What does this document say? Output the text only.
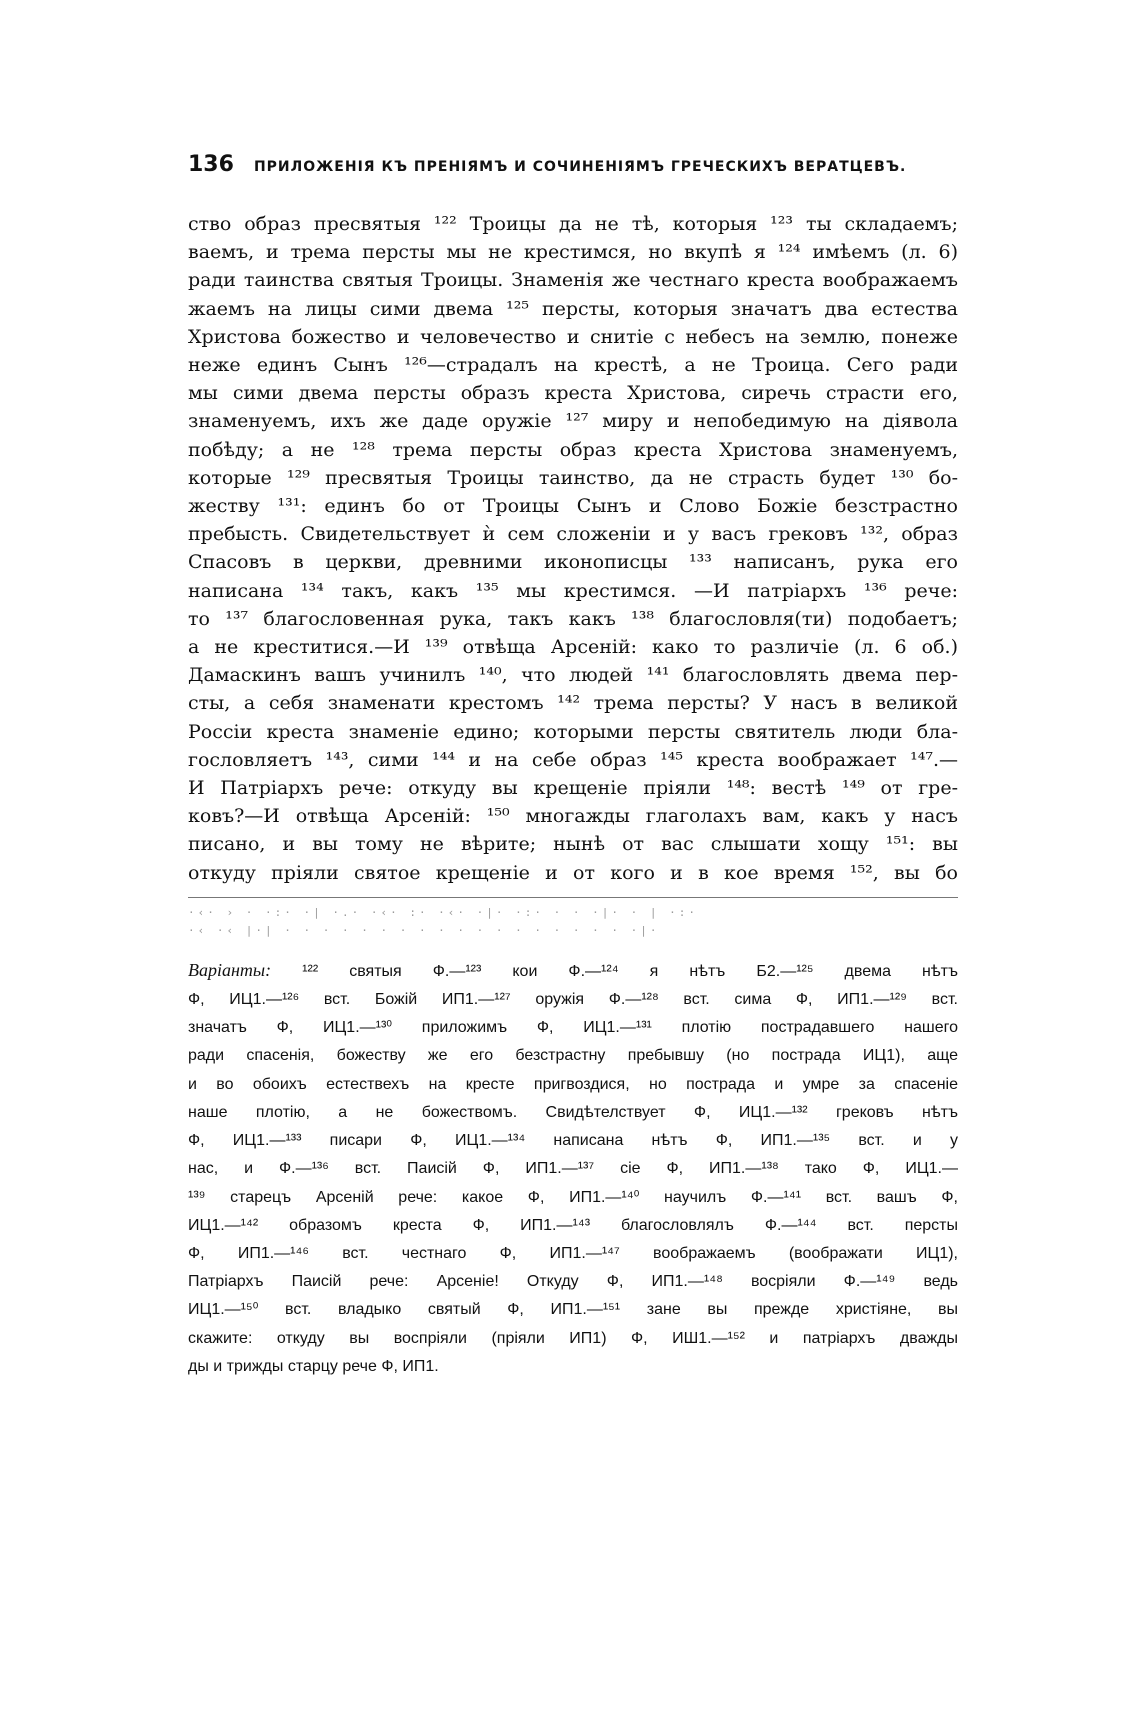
136 ПРИЛОЖЕНІЯ КЪ ПРЕНІЯМЪ И СОЧИНЕНІЯМЪ ГРЕЧЕСКИХЪ ВЕРАТЦЕВЪ.
ство образ пресвятыя ¹²² Троицы да не тѣ, которыя ¹²³ ты складаемъ;
ваемъ, и трема персты мы не крестимся, но вкупѣ я ¹²⁴ имѣемъ (л. 6)
ради таинства святыя Троицы. Знаменія же честнаго креста воображаемъ
жаемъ на лицы сими двема ¹²⁵ персты, которыя значатъ два естества
Христова божество и человечество и снитіе с небесъ на землю, понеже
неже единъ Сынъ ¹²⁶—страдалъ на крестѣ, а не Троица. Сего ради
мы сими двема персты образъ креста Христова, сиречь страсти его,
знаменуемъ, ихъ же даде оружіе ¹²⁷ миру и непобедимую на діявола
побѣду; а не ¹²⁸ трема персты образ креста Христова знаменуемъ,
которые ¹²⁹ пресвятыя Троицы таинство, да не страсть будет ¹³⁰ бо-
жеству ¹³¹: единъ бо от Троицы Сынъ и Слово Божіе безстрастно
пребысть. Свидетельствует ѝ сем сложеніи и у васъ грековъ ¹³², образ
Спасовъ в церкви, древними иконописцы ¹³³ написанъ, рука его
написана ¹³⁴ такъ, какъ ¹³⁵ мы крестимся. —И патріархъ ¹³⁶ рече:
то ¹³⁷ благословенная рука, такъ какъ ¹³⁸ благословля(ти) подобаетъ;
а не креститися.—И ¹³⁹ отвѣща Арсеній: како то различіе (л. 6 об.)
Дамаскинъ вашъ учинилъ ¹⁴⁰, что людей ¹⁴¹ благословлять двема пер-
сты, а себя знаменати крестомъ ¹⁴² трема персты? У насъ в великой
Россіи креста знаменіе едино; которыми персты святитель люди бла-
гословляетъ ¹⁴³, сими ¹⁴⁴ и на себе образ ¹⁴⁵ креста воображает ¹⁴⁷.—
И Патріархъ рече: откуду вы крещеніе пріяли ¹⁴⁸: вестѣ ¹⁴⁹ от гре-
ковъ?—И отвѣща Арсеній: ¹⁵⁰ многажды глаголахъ вам, какъ у насъ
писано, и вы тому не вѣрите; нынѣ от вас слышати хощу ¹⁵¹: вы
откуду пріяли святое крещеніе и от кого и в кое время ¹⁵², вы бо
·‹· › · ·:· ·| ·.· ·‹· :· ·‹· ·|· ·:· · · ·|· · | ·:·
·‹ ·‹ |·| · · · · · · · · · · · · · · · · · · ·|·
Варіанты: ¹²² святыя Ф.—¹²³ кои Ф.—¹²⁴ я нѣтъ Б2.—¹²⁵ двема нѣтъ
Ф, ИЦ1.—¹²⁶ вст. Божій ИП1.—¹²⁷ оружія Ф.—¹²⁸ вст. сима Ф, ИП1.—¹²⁹ вст.
значатъ Ф, ИЦ1.—¹³⁰ приложимъ Ф, ИЦ1.—¹³¹ плотію пострадавшего нашего
ради спасенія, божеству же его безстрастну пребывшу (но пострада ИЦ1), аще
и во обоихъ естествехъ на кресте пригвоздися, но пострада и умре за спасеніе
наше плотію, а не божествомъ. Свидѣтелствует Ф, ИЦ1.—¹³² грековъ нѣтъ
Ф, ИЦ1.—¹³³ писари Ф, ИЦ1.—¹³⁴ написана нѣтъ Ф, ИП1.—¹³⁵ вст. и у
нас, и Ф.—¹³⁶ вст. Паисій Ф, ИП1.—¹³⁷ сіе Ф, ИП1.—¹³⁸ тако Ф, ИЦ1.—
¹³⁹ старецъ Арсеній рече: какое Ф, ИП1.—¹⁴⁰ научилъ Ф.—¹⁴¹ вст. вашъ Ф,
ИЦ1.—¹⁴² образомъ креста Ф, ИП1.—¹⁴³ благословлялъ Ф.—¹⁴⁴ вст. персты
Ф, ИП1.—¹⁴⁶ вст. честнаго Ф, ИП1.—¹⁴⁷ воображаемъ (воображати ИЦ1),
Патріархъ Паисій рече: Арсеніе! Откуду Ф, ИП1.—¹⁴⁸ восріяли Ф.—¹⁴⁹ ведь
ИЦ1.—¹⁵⁰ вст. владыко святый Ф, ИП1.—¹⁵¹ зане вы прежде христіяне, вы
скажите: откуду вы воспріяли (пріяли ИП1) Ф, ИШ1.—¹⁵² и патріархъ дважды
ды и трижды старцу рече Ф, ИП1.
